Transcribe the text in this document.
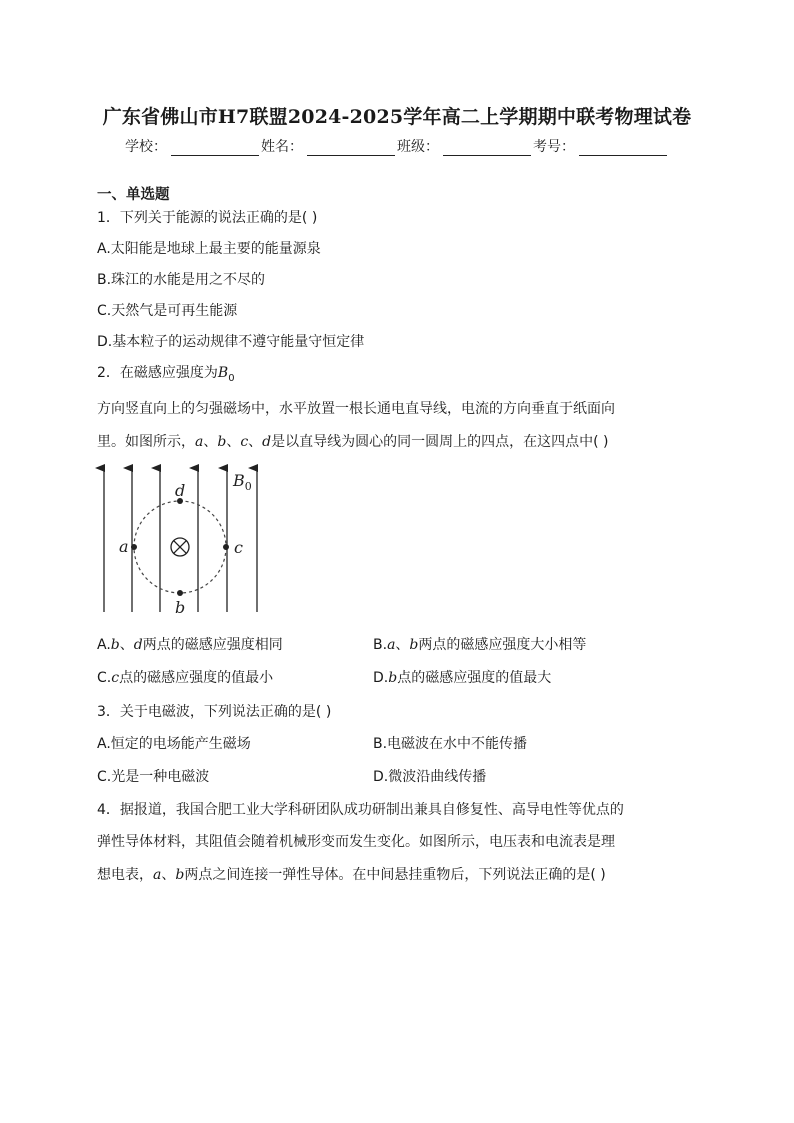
广东省佛山市H7联盟2024-2025学年高二上学期期中联考物理试卷
学校：	姓名：	班级：	考号：
一、单选题
1．下列关于能源的说法正确的是( )
A.太阳能是地球上最主要的能量源泉
B.珠江的水能是用之不尽的
C.天然气是可再生能源
D.基本粒子的运动规律不遵守能量守恒定律
2．在磁感应强度为$B_0$
方向竖直向上的匀强磁场中，水平放置一根长通电直导线，电流的方向垂直于纸面向
里。如图所示，a、b、c、d是以直导线为圆心的同一圆周上的四点，在这四点中( )
d
a	c
b
$B_0$
A.b、d两点的磁感应强度相同	B.a、b两点的磁感应强度大小相等
C.c点的磁感应强度的值最小	D.b点的磁感应强度的值最大
3．关于电磁波，下列说法正确的是( )
A.恒定的电场能产生磁场	B.电磁波在水中不能传播
C.光是一种电磁波	D.微波沿曲线传播
4．据报道，我国合肥工业大学科研团队成功研制出兼具自修复性、高导电性等优点的
弹性导体材料，其阻值会随着机械形变而发生变化。如图所示，电压表和电流表是理
想电表，a、b两点之间连接一弹性导体。在中间悬挂重物后，下列说法正确的是( )
